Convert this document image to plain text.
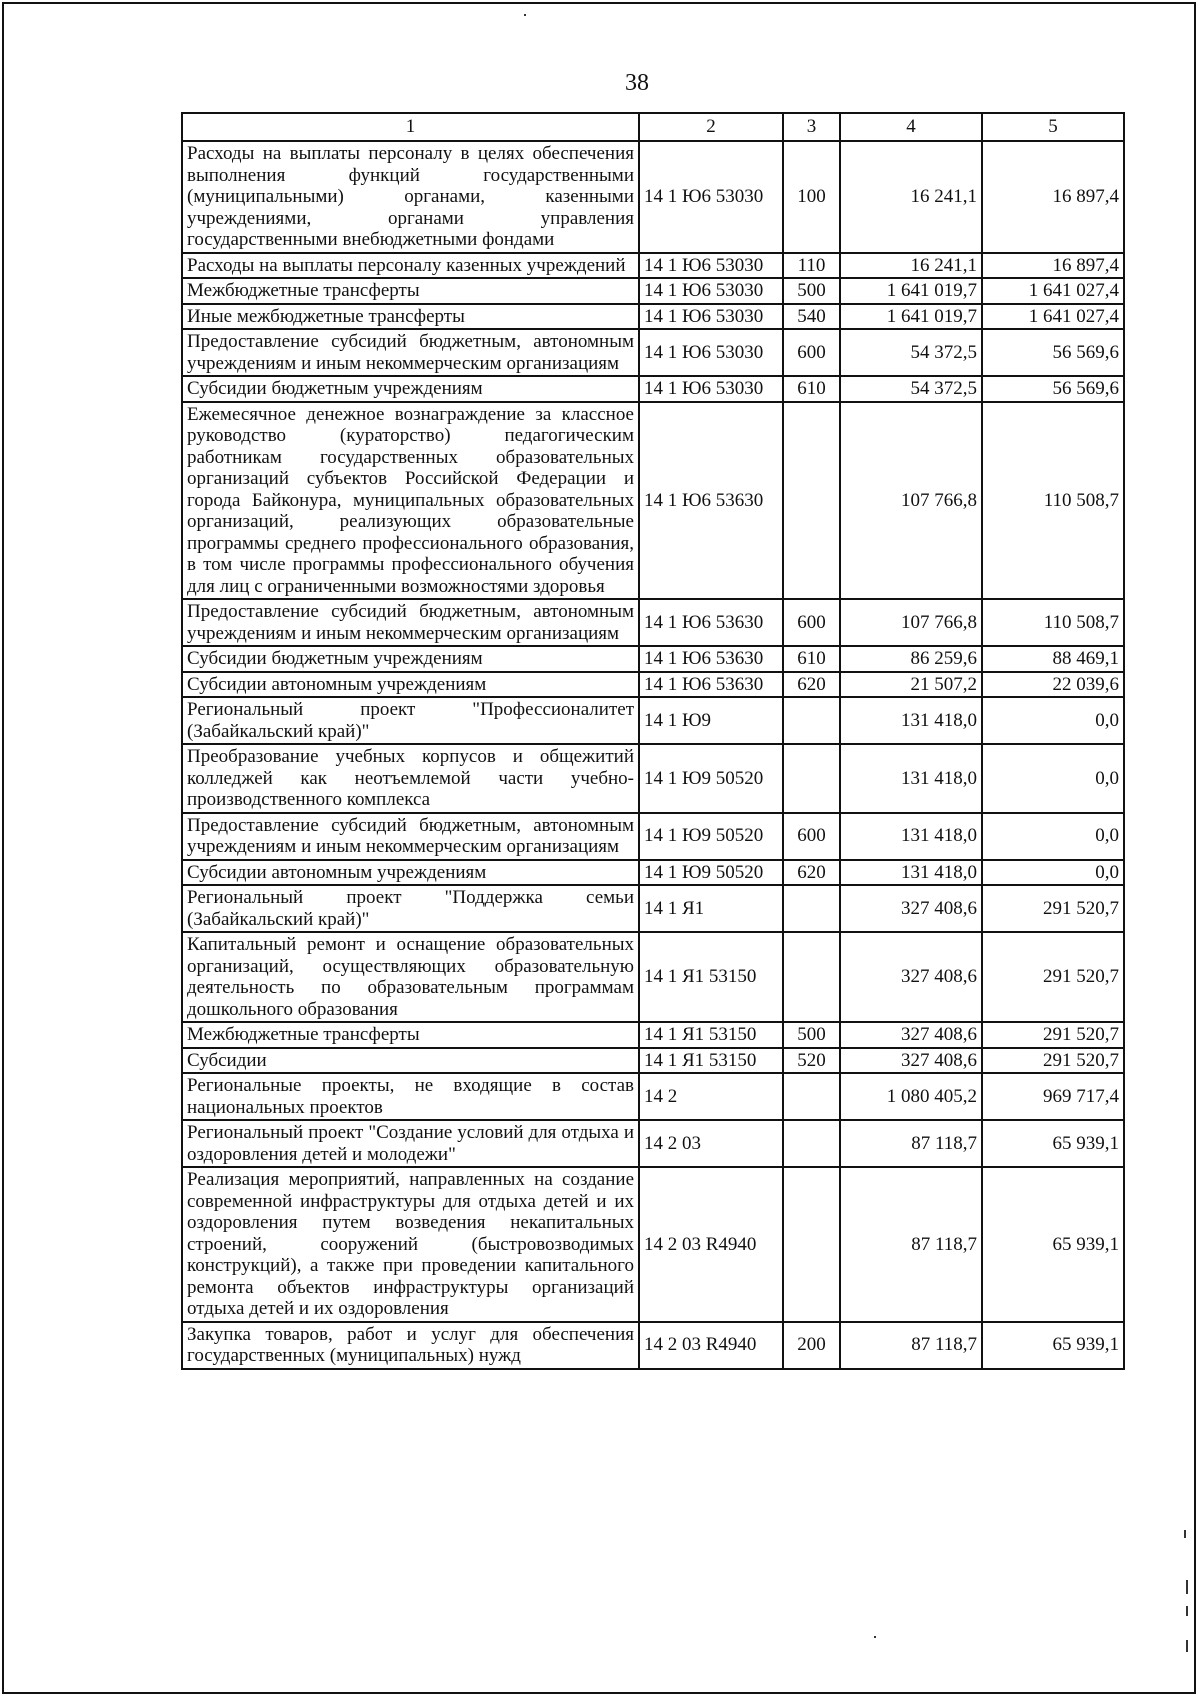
38
1	2	3	4	5
Расходы на выплаты персоналу в целях обеспечения выполнения функций государственными (муниципальными) органами, казенными учреждениями, органами управления государственными внебюджетными фондами	14 1 Ю6 53030	100	16 241,1	16 897,4
Расходы на выплаты персоналу казенных учреждений	14 1 Ю6 53030	110	16 241,1	16 897,4
Межбюджетные трансферты	14 1 Ю6 53030	500	1 641 019,7	1 641 027,4
Иные межбюджетные трансферты	14 1 Ю6 53030	540	1 641 019,7	1 641 027,4
Предоставление субсидий бюджетным, автономным учреждениям и иным некоммерческим организациям	14 1 Ю6 53030	600	54 372,5	56 569,6
Субсидии бюджетным учреждениям	14 1 Ю6 53030	610	54 372,5	56 569,6
Ежемесячное денежное вознаграждение за классное руководство (кураторство) педагогическим работникам государственных образовательных организаций субъектов Российской Федерации и города Байконура, муниципальных образовательных организаций, реализующих образовательные программы среднего профессионального образования, в том числе программы профессионального обучения для лиц с ограниченными возможностями здоровья	14 1 Ю6 53630		107 766,8	110 508,7
Предоставление субсидий бюджетным, автономным учреждениям и иным некоммерческим организациям	14 1 Ю6 53630	600	107 766,8	110 508,7
Субсидии бюджетным учреждениям	14 1 Ю6 53630	610	86 259,6	88 469,1
Субсидии автономным учреждениям	14 1 Ю6 53630	620	21 507,2	22 039,6
Региональный проект "Профессионалитет (Забайкальский край)"	14 1 Ю9		131 418,0	0,0
Преобразование учебных корпусов и общежитий колледжей как неотъемлемой части учебно-производственного комплекса	14 1 Ю9 50520		131 418,0	0,0
Предоставление субсидий бюджетным, автономным учреждениям и иным некоммерческим организациям	14 1 Ю9 50520	600	131 418,0	0,0
Субсидии автономным учреждениям	14 1 Ю9 50520	620	131 418,0	0,0
Региональный проект "Поддержка семьи (Забайкальский край)"	14 1 Я1		327 408,6	291 520,7
Капитальный ремонт и оснащение образовательных организаций, осуществляющих образовательную деятельность по образовательным программам дошкольного образования	14 1 Я1 53150		327 408,6	291 520,7
Межбюджетные трансферты	14 1 Я1 53150	500	327 408,6	291 520,7
Субсидии	14 1 Я1 53150	520	327 408,6	291 520,7
Региональные проекты, не входящие в состав национальных проектов	14 2		1 080 405,2	969 717,4
Региональный проект "Создание условий для отдыха и оздоровления детей и молодежи"	14 2 03		87 118,7	65 939,1
Реализация мероприятий, направленных на создание современной инфраструктуры для отдыха детей и их оздоровления путем возведения некапитальных строений, сооружений (быстровозводимых конструкций), а также при проведении капитального ремонта объектов инфраструктуры организаций отдыха детей и их оздоровления	14 2 03 R4940		87 118,7	65 939,1
Закупка товаров, работ и услуг для обеспечения государственных (муниципальных) нужд	14 2 03 R4940	200	87 118,7	65 939,1
